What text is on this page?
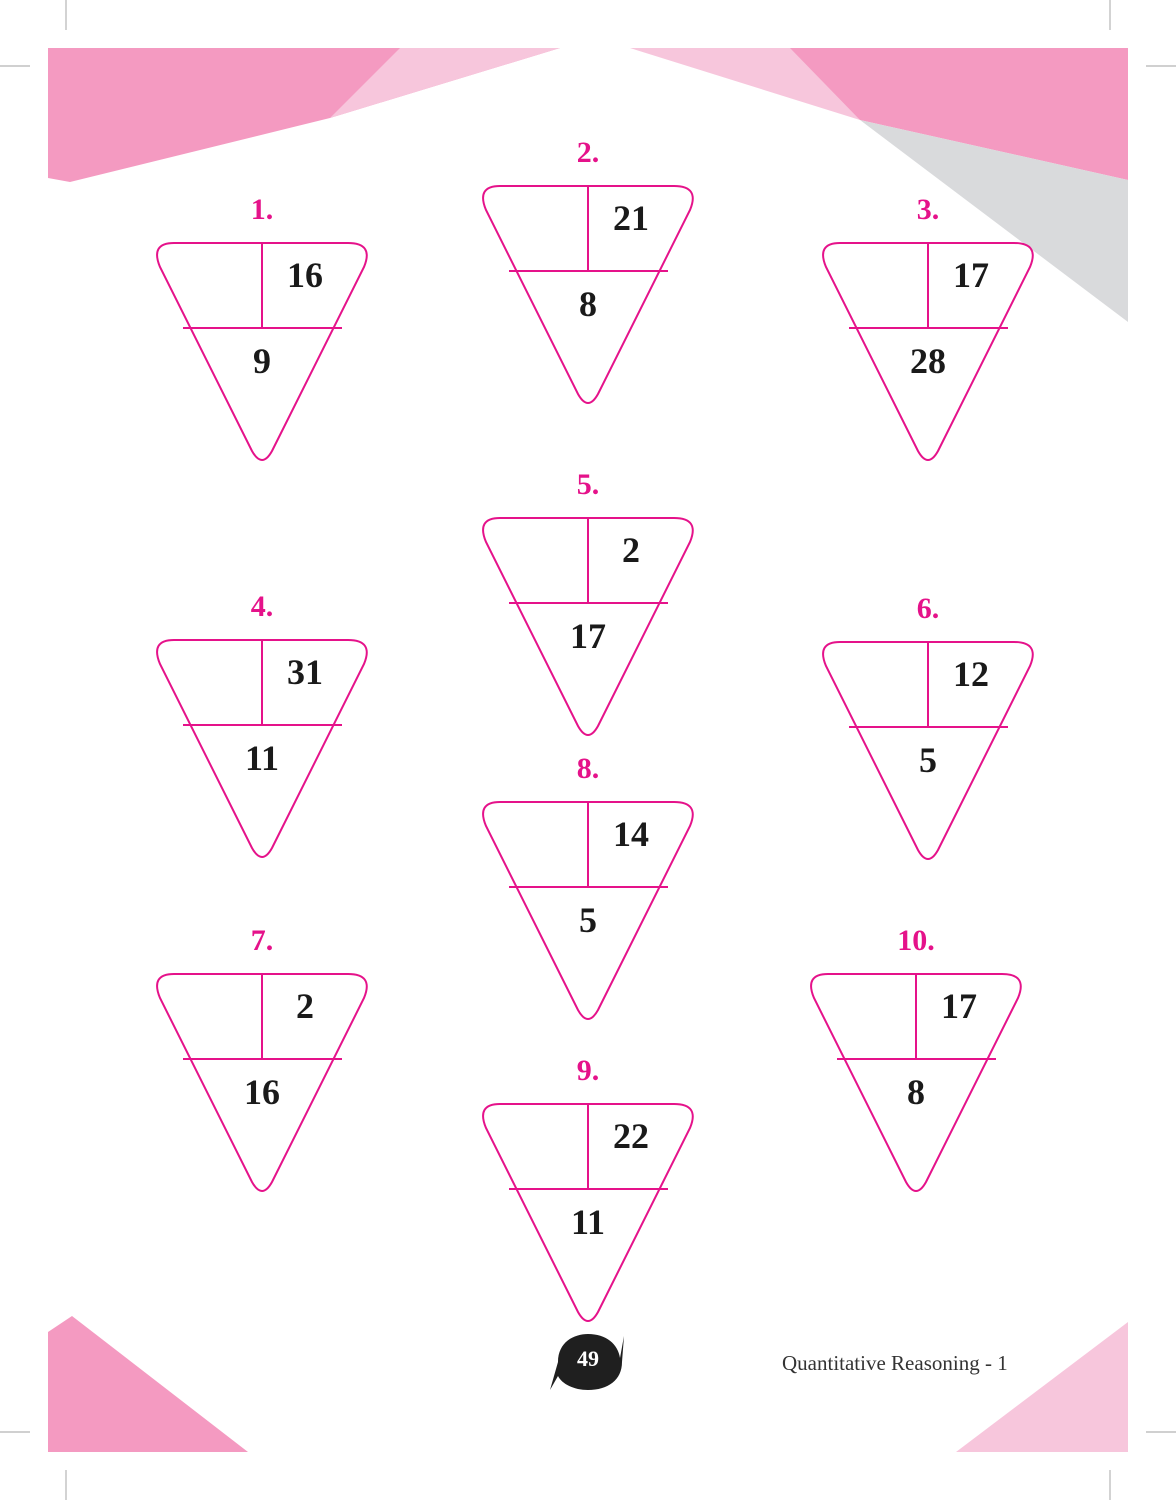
1.
16
9
2.
21
8
3.
17
28
4.
31
11
5.
2
17
6.
12
5
7.
2
16
8.
14
5
9.
22
11
10.
17
8
49	Quantitative Reasoning - 1
